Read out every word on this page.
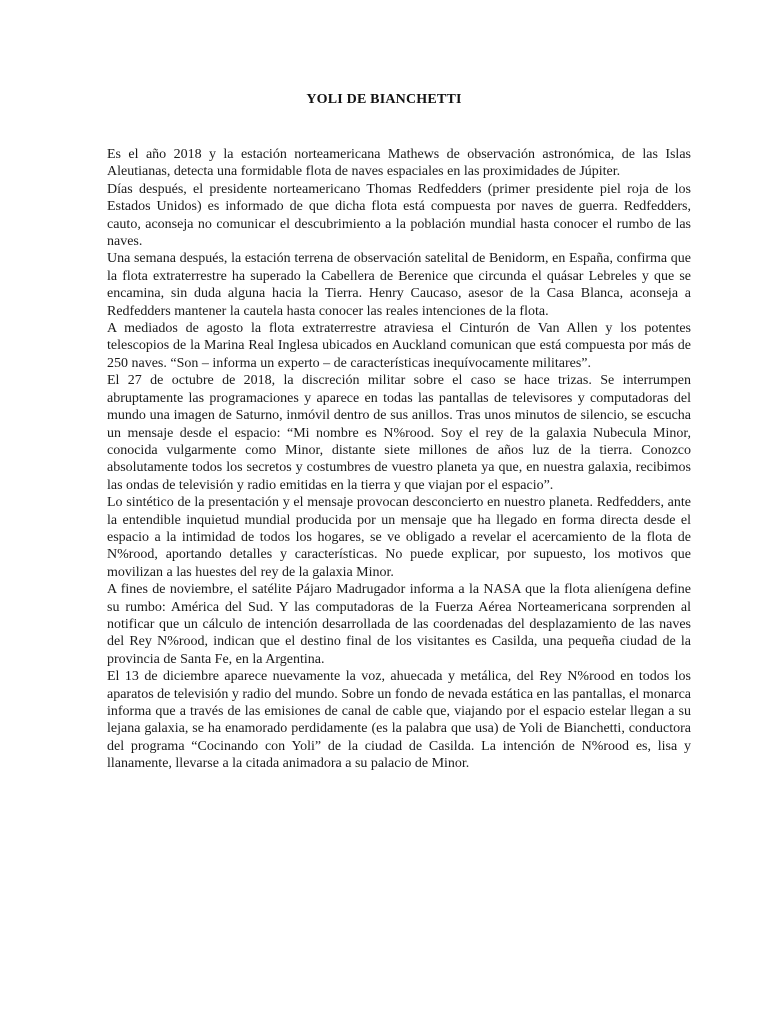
YOLI DE BIANCHETTI

Es el año 2018 y la estación norteamericana Mathews de observación astronómica, de las Islas Aleutianas, detecta una formidable flota de naves espaciales en las proximidades de Júpiter.

Días después, el presidente norteamericano Thomas Redfedders (primer presidente piel roja de los Estados Unidos) es informado de que dicha flota está compuesta por naves de guerra. Redfedders, cauto, aconseja no comunicar el descubrimiento a la población mundial hasta conocer el rumbo de las naves.

Una semana después, la estación terrena de observación satelital de Benidorm, en España, confirma que la flota extraterrestre ha superado la Cabellera de Berenice que circunda el quásar Lebreles y que se encamina, sin duda alguna hacia la Tierra. Henry Caucaso, asesor de la Casa Blanca, aconseja a Redfedders mantener la cautela hasta conocer las reales intenciones de la flota.

A mediados de agosto la flota extraterrestre atraviesa el Cinturón de Van Allen y los potentes telescopios de la Marina Real Inglesa ubicados en Auckland comunican que está compuesta por más de 250 naves. “Son – informa un experto – de características inequívocamente militares”.

El 27 de octubre de 2018, la discreción militar sobre el caso se hace trizas. Se interrumpen abruptamente las programaciones y aparece en todas las pantallas de televisores y computadoras del mundo una imagen de Saturno, inmóvil dentro de sus anillos. Tras unos minutos de silencio, se escucha un mensaje desde el espacio: “Mi nombre es N%rood. Soy el rey de la galaxia Nubecula Minor, conocida vulgarmente como Minor, distante siete millones de años luz de la tierra. Conozco absolutamente todos los secretos y costumbres de vuestro planeta ya que, en nuestra galaxia, recibimos las ondas de televisión y radio emitidas en la tierra y que viajan por el espacio”.

Lo sintético de la presentación y el mensaje provocan desconcierto en nuestro planeta. Redfedders, ante la entendible inquietud mundial producida por un mensaje que ha llegado en forma directa desde el espacio a la intimidad de todos los hogares, se ve obligado a revelar el acercamiento de la flota de N%rood, aportando detalles y características. No puede explicar, por supuesto, los motivos que movilizan a las huestes del rey de la galaxia Minor.

A fines de noviembre, el satélite Pájaro Madrugador informa a la NASA que la flota alienígena define su rumbo: América del Sud. Y las computadoras de la Fuerza Aérea Norteamericana sorprenden al notificar que un cálculo de intención desarrollada de las coordenadas del desplazamiento de las naves del Rey N%rood, indican que el destino final de los visitantes es Casilda, una pequeña ciudad de la provincia de Santa Fe, en la Argentina.

El 13 de diciembre aparece nuevamente la voz, ahuecada y metálica, del Rey N%rood en todos los aparatos de televisión y radio del mundo. Sobre un fondo de nevada estática en las pantallas, el monarca informa que a través de las emisiones de canal de cable que, viajando por el espacio estelar llegan a su lejana galaxia, se ha enamorado perdidamente (es la palabra que usa) de Yoli de Bianchetti, conductora del programa “Cocinando con Yoli” de la ciudad de Casilda. La intención de N%rood es, lisa y llanamente, llevarse a la citada animadora a su palacio de Minor.
